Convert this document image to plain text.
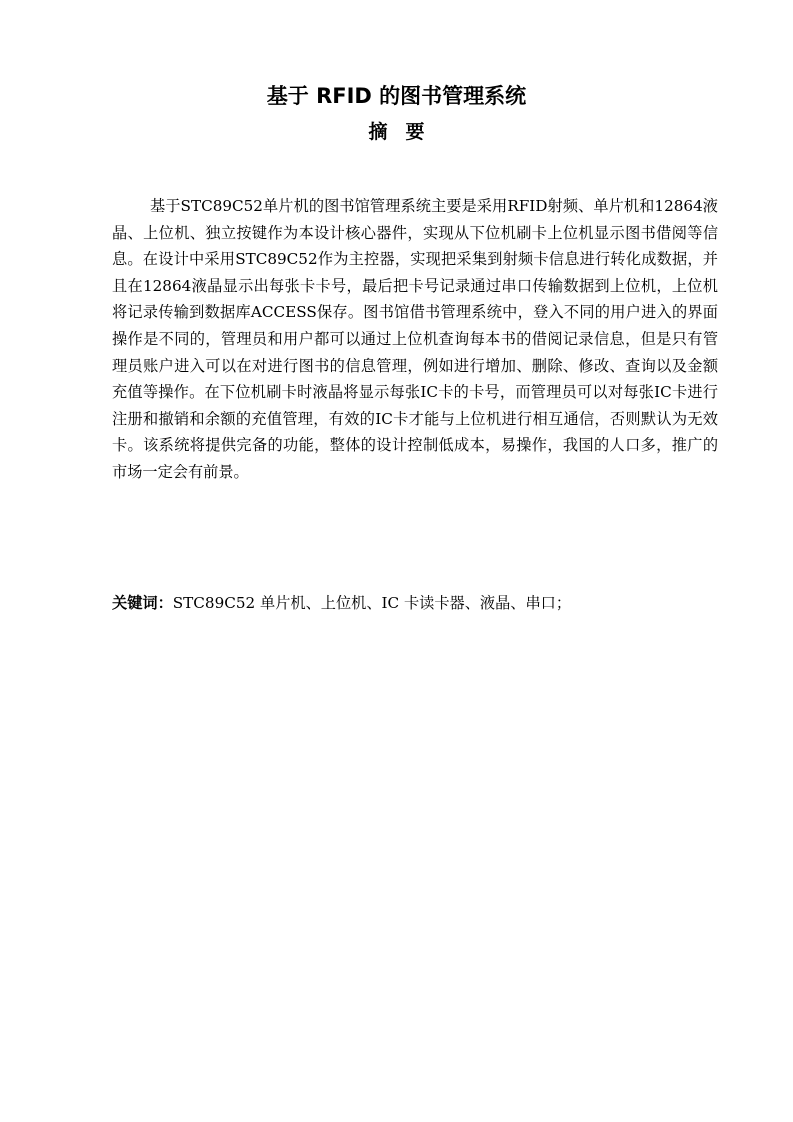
基于 RFID 的图书管理系统
摘要

基于STC89C52单片机的图书馆管理系统主要是采用RFID射频、单片机和12864液晶、上位机、独立按键作为本设计核心器件，实现从下位机刷卡上位机显示图书借阅等信息。在设计中采用STC89C52作为主控器，实现把采集到射频卡信息进行转化成数据，并且在12864液晶显示出每张卡卡号，最后把卡号记录通过串口传输数据到上位机，上位机将记录传输到数据库ACCESS保存。图书馆借书管理系统中，登入不同的用户进入的界面操作是不同的，管理员和用户都可以通过上位机查询每本书的借阅记录信息，但是只有管理员账户进入可以在对进行图书的信息管理，例如进行增加、删除、修改、查询以及金额充值等操作。在下位机刷卡时液晶将显示每张IC卡的卡号，而管理员可以对每张IC卡进行注册和撤销和余额的充值管理，有效的IC卡才能与上位机进行相互通信，否则默认为无效卡。该系统将提供完备的功能，整体的设计控制低成本，易操作，我国的人口多，推广的市场一定会有前景。

关键词：STC89C52 单片机、上位机、IC 卡读卡器、液晶、串口；
